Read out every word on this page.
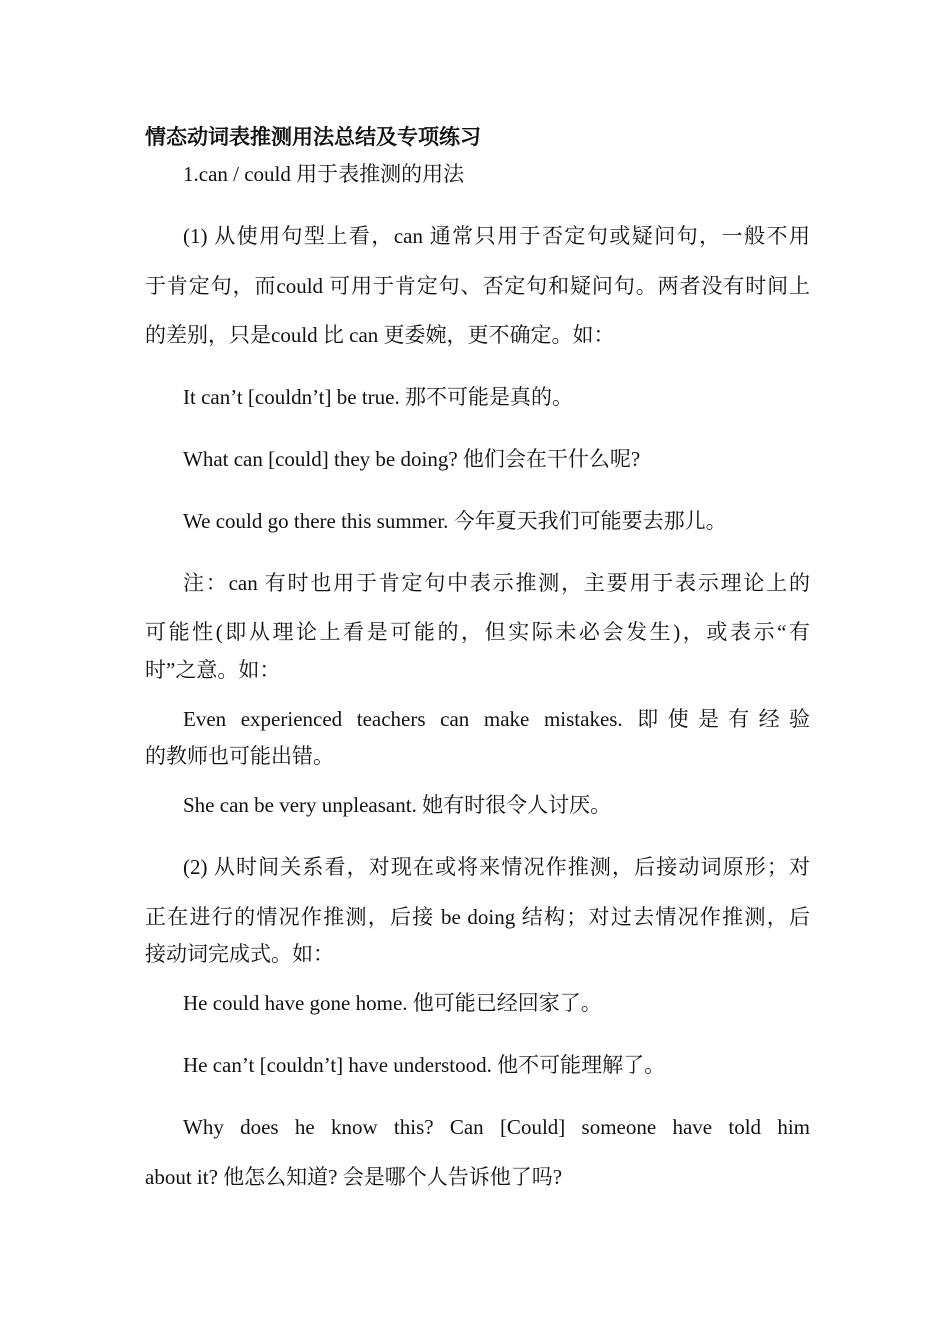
情态动词表推测用法总结及专项练习
1.can / could 用于表推测的用法
(1) 从使用句型上看，can 通常只用于否定句或疑问句，一般不用
于肯定句，而could 可用于肯定句、否定句和疑问句。两者没有时间上
的差别，只是could 比 can 更委婉，更不确定。如：
It can’t [couldn’t] be true. 那不可能是真的。
What can [could] they be doing? 他们会在干什么呢?
We could go there this summer. 今年夏天我们可能要去那儿。
注：can 有时也用于肯定句中表示推测，主要用于表示理论上的
可能性(即从理论上看是可能的，但实际未必会发生)，或表示“有
时”之意。如：
Even experienced teachers can make mistakes. 即使是有经验
的教师也可能出错。
She can be very unpleasant. 她有时很令人讨厌。
(2) 从时间关系看，对现在或将来情况作推测，后接动词原形；对
正在进行的情况作推测，后接 be doing 结构；对过去情况作推测，后
接动词完成式。如：
He could have gone home. 他可能已经回家了。
He can’t [couldn’t] have understood. 他不可能理解了。
Why does he know this? Can [Could] someone have told him
about it? 他怎么知道? 会是哪个人告诉他了吗?
